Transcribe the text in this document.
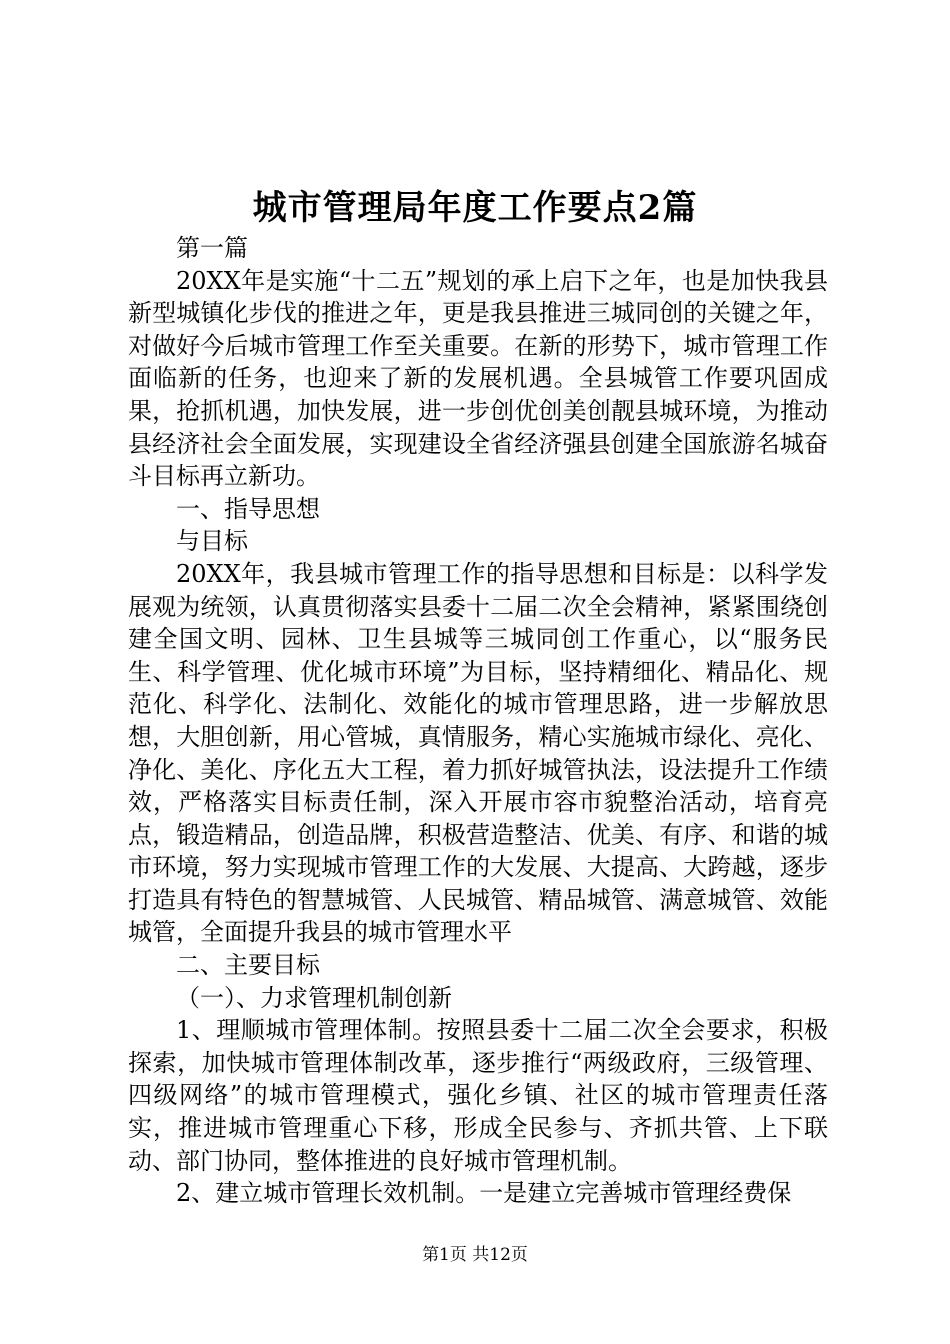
城市管理局年度工作要点2篇

第一篇

20XX年是实施“十二五”规划的承上启下之年，也是加快我县新型城镇化步伐的推进之年，更是我县推进三城同创的关键之年，对做好今后城市管理工作至关重要。在新的形势下，城市管理工作面临新的任务，也迎来了新的发展机遇。全县城管工作要巩固成果，抢抓机遇，加快发展，进一步创优创美创靓县城环境，为推动县经济社会全面发展，实现建设全省经济强县创建全国旅游名城奋斗目标再立新功。

一、指导思想

与目标

20XX年，我县城市管理工作的指导思想和目标是：以科学发展观为统领，认真贯彻落实县委十二届二次全会精神，紧紧围绕创建全国文明、园林、卫生县城等三城同创工作重心，以“服务民生、科学管理、优化城市环境”为目标，坚持精细化、精品化、规范化、科学化、法制化、效能化的城市管理思路，进一步解放思想，大胆创新，用心管城，真情服务，精心实施城市绿化、亮化、净化、美化、序化五大工程，着力抓好城管执法，设法提升工作绩效，严格落实目标责任制，深入开展市容市貌整治活动，培育亮点，锻造精品，创造品牌，积极营造整洁、优美、有序、和谐的城市环境，努力实现城市管理工作的大发展、大提高、大跨越，逐步打造具有特色的智慧城管、人民城管、精品城管、满意城管、效能城管，全面提升我县的城市管理水平

二、主要目标

（一）、力求管理机制创新

1、理顺城市管理体制。按照县委十二届二次全会要求，积极探索，加快城市管理体制改革，逐步推行“两级政府，三级管理、四级网络”的城市管理模式，强化乡镇、社区的城市管理责任落实，推进城市管理重心下移，形成全民参与、齐抓共管、上下联动、部门协同，整体推进的良好城市管理机制。

2、建立城市管理长效机制。一是建立完善城市管理经费保

第1页 共12页
